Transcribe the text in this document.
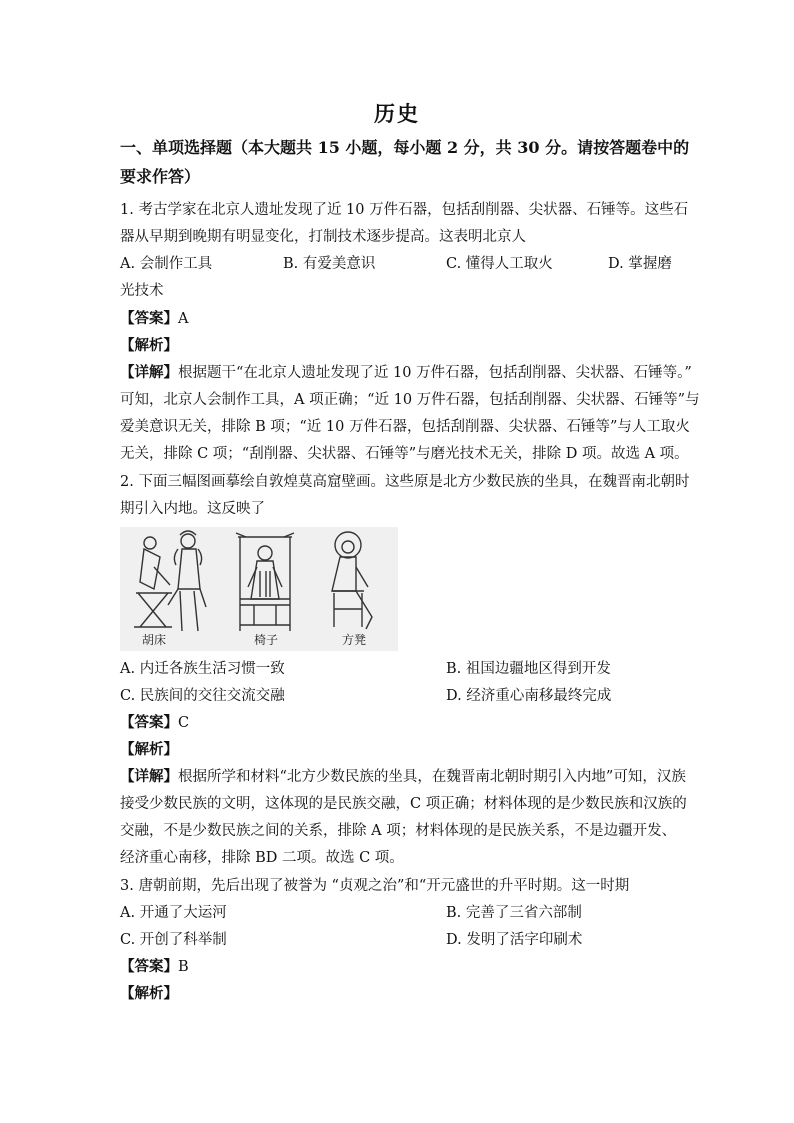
历史
一、单项选择题（本大题共 15 小题，每小题 2 分，共 30 分。请按答题卷中的
要求作答）
1. 考古学家在北京人遗址发现了近 10 万件石器，包括刮削器、尖状器、石锤等。这些石
器从早期到晚期有明显变化，打制技术逐步提高。这表明北京人
A. 会制作工具	B. 有爱美意识	C. 懂得人工取火	D. 掌握磨
光技术
【答案】A
【解析】
【详解】根据题干“在北京人遗址发现了近 10 万件石器，包括刮削器、尖状器、石锤等。”
可知，北京人会制作工具，A 项正确；“近 10 万件石器，包括刮削器、尖状器、石锤等”与
爱美意识无关，排除 B 项；“近 10 万件石器，包括刮削器、尖状器、石锤等”与人工取火
无关，排除 C 项；“刮削器、尖状器、石锤等”与磨光技术无关，排除 D 项。故选 A 项。
2. 下面三幅图画摹绘自敦煌莫高窟壁画。这些原是北方少数民族的坐具，在魏晋南北朝时
期引入内地。这反映了
胡床	椅子	方凳
A. 内迁各族生活习惯一致	B. 祖国边疆地区得到开发
C. 民族间的交往交流交融	D. 经济重心南移最终完成
【答案】C
【解析】
【详解】根据所学和材料“北方少数民族的坐具，在魏晋南北朝时期引入内地”可知，汉族
接受少数民族的文明，这体现的是民族交融，C 项正确；材料体现的是少数民族和汉族的
交融，不是少数民族之间的关系，排除 A 项；材料体现的是民族关系，不是边疆开发、
经济重心南移，排除 BD 二项。故选 C 项。
3. 唐朝前期，先后出现了被誉为 “贞观之治”和“开元盛世的升平时期。这一时期
A. 开通了大运河	B. 完善了三省六部制
C. 开创了科举制	D. 发明了活字印刷术
【答案】B
【解析】
